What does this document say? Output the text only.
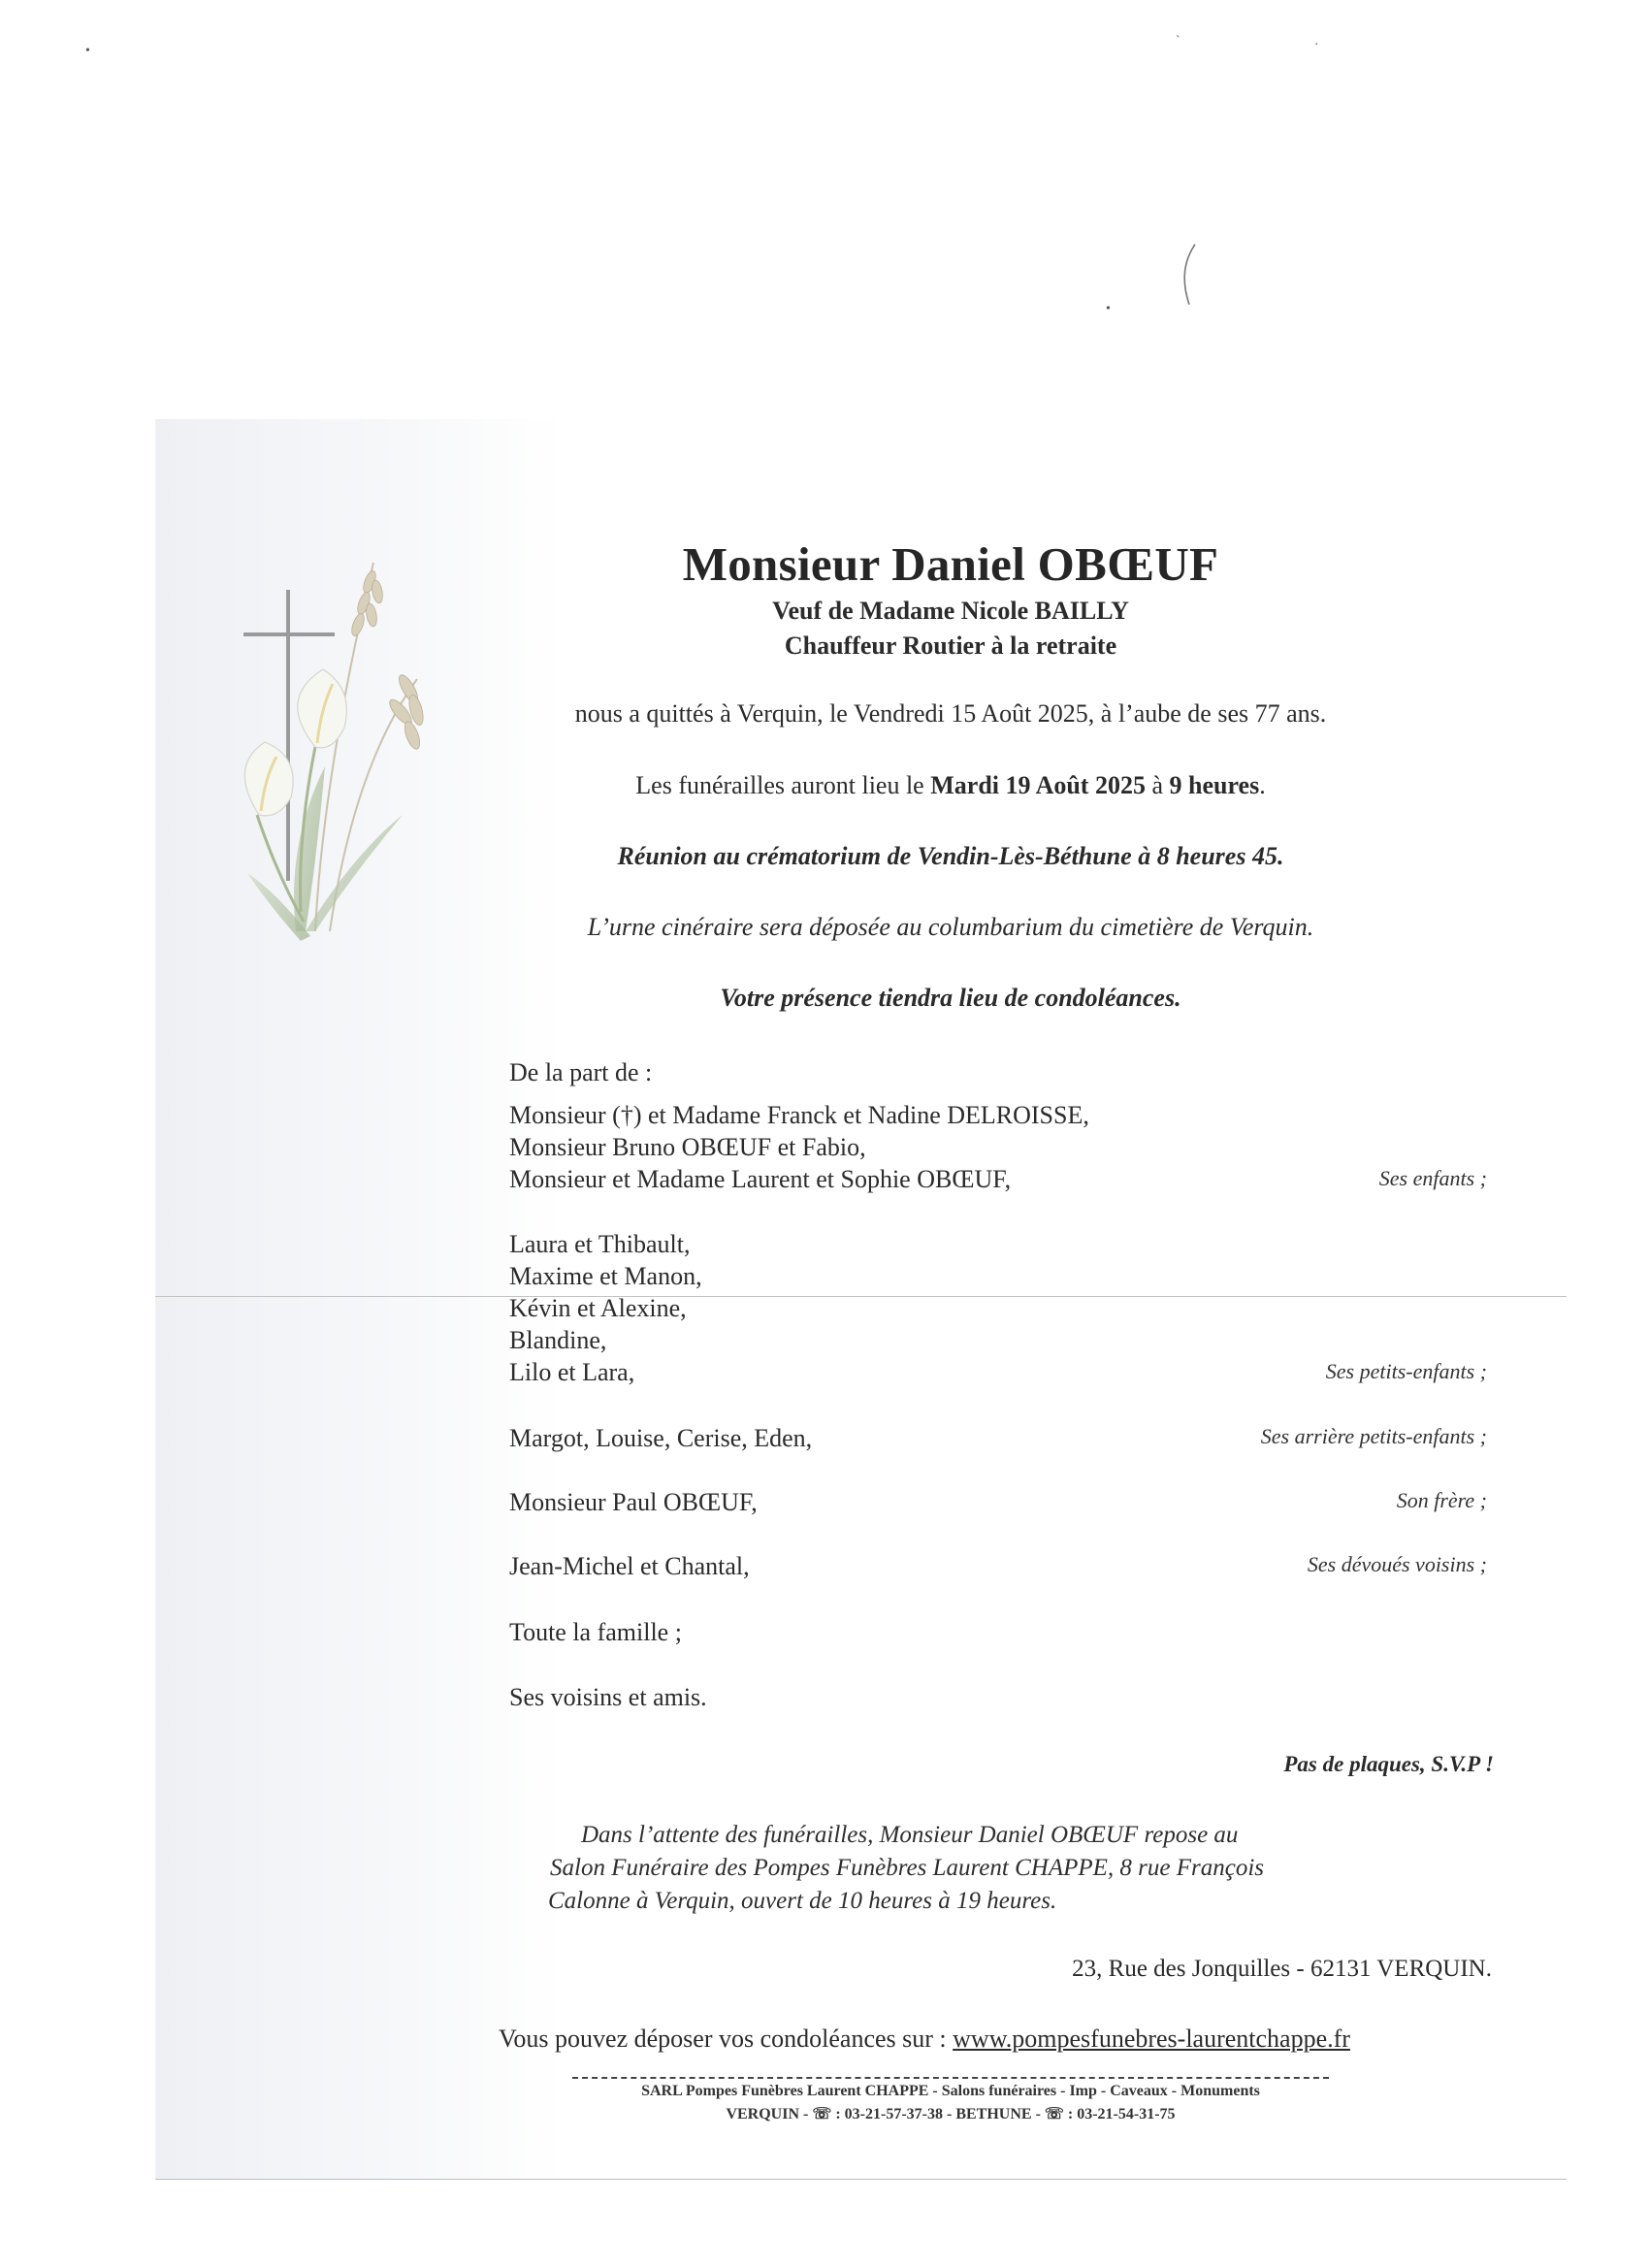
•
ˋ	·
•
Monsieur Daniel OBŒUF
Veuf de Madame Nicole BAILLY
Chauffeur Routier à la retraite
nous a quittés à Verquin, le Vendredi 15 Août 2025, à l’aube de ses 77 ans.
Les funérailles auront lieu le Mardi 19 Août 2025 à 9 heures.
Réunion au crématorium de Vendin-Lès-Béthune à 8 heures 45.
L’urne cinéraire sera déposée au columbarium du cimetière de Verquin.
Votre présence tiendra lieu de condoléances.
De la part de :
Monsieur (†) et Madame Franck et Nadine DELROISSE,
Monsieur Bruno OBŒUF et Fabio,
Monsieur et Madame Laurent et Sophie OBŒUF,	Ses enfants ;
Laura et Thibault,
Maxime et Manon,
Kévin et Alexine,
Blandine,
Lilo et Lara,	Ses petits-enfants ;
Margot, Louise, Cerise, Eden,	Ses arrière petits-enfants ;
Monsieur Paul OBŒUF,	Son frère ;
Jean-Michel et Chantal,	Ses dévoués voisins ;
Toute la famille ;
Ses voisins et amis.
Pas de plaques, S.V.P !
Dans l’attente des funérailles, Monsieur Daniel OBŒUF repose au
Salon Funéraire des Pompes Funèbres Laurent CHAPPE, 8 rue François
Calonne à Verquin, ouvert de 10 heures à 19 heures.
23, Rue des Jonquilles - 62131 VERQUIN.
Vous pouvez déposer vos condoléances sur : www.pompesfunebres-laurentchappe.fr
SARL Pompes Funèbres Laurent CHAPPE - Salons funéraires - Imp - Caveaux - Monuments
VERQUIN - ☏ : 03-21-57-37-38 - BETHUNE - ☏ : 03-21-54-31-75
